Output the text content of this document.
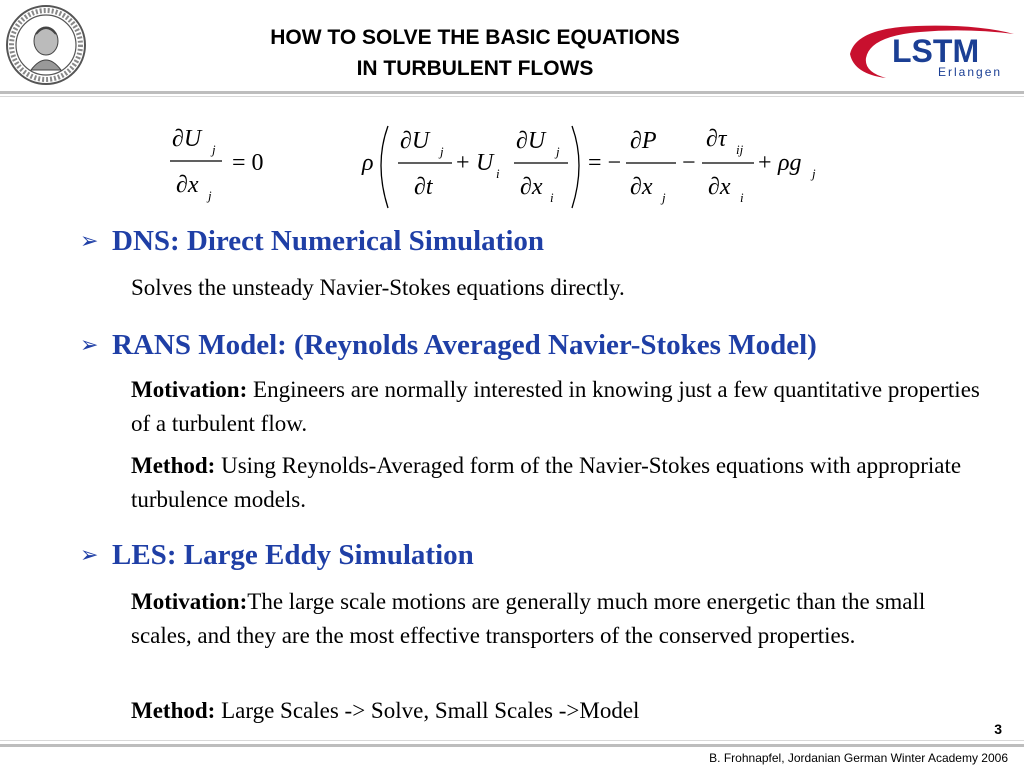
HOW TO SOLVE THE BASIC EQUATIONS
IN TURBULENT FLOWS	LSTM
Erlangen
∂U j
∂x j
= 0	ρ
∂U j
∂t
+ U i
∂U j
∂x i
= −
∂P
∂x j
−
∂τ ij
∂x i
+ ρg j
➢ DNS: Direct Numerical Simulation
Solves the unsteady Navier-Stokes equations directly.
➢ RANS Model: (Reynolds Averaged Navier-Stokes Model)
Motivation: Engineers are normally interested in knowing just a few quantitative properties of a turbulent flow.
Method: Using Reynolds-Averaged form of the Navier-Stokes equations with appropriate turbulence models.
➢ LES: Large Eddy Simulation
Motivation:The large scale motions are generally much more energetic than the small scales, and they are the most effective transporters of the conserved properties.
Method: Large Scales -> Solve, Small Scales ->Model
3
B. Frohnapfel, Jordanian German Winter Academy 2006
